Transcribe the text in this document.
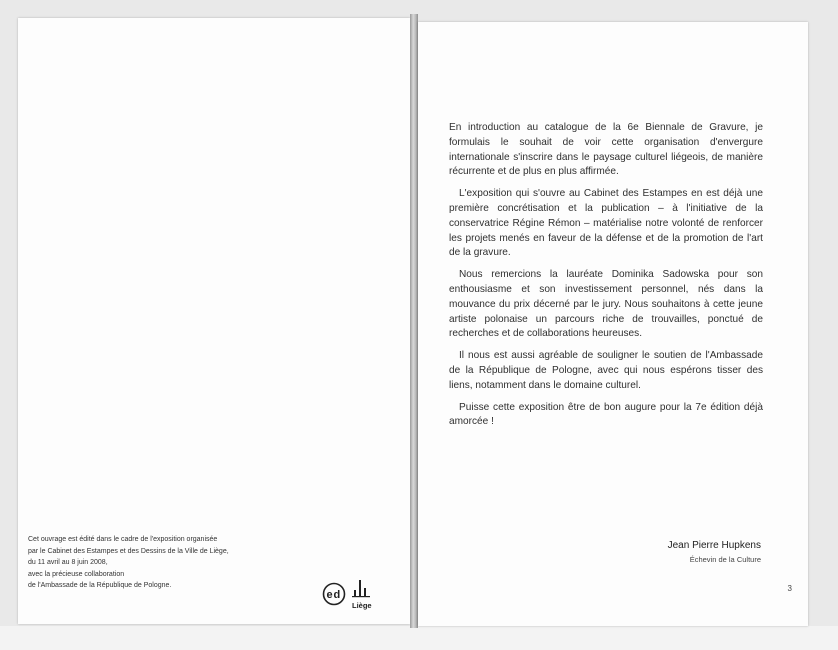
Cet ouvrage est édité dans le cadre de l'exposition organisée
par le Cabinet des Estampes et des Dessins de la Ville de Liège,
du 11 avril au 8 juin 2008,
avec la précieuse collaboration
de l'Ambassade de la République de Pologne.
e d
Liège

En introduction au catalogue de la 6e Biennale de Gravure, je formulais le souhait de voir cette organisation d'envergure internationale s'inscrire dans le paysage culturel liégeois, de manière récurrente et de plus en plus affirmée.

L'exposition qui s'ouvre au Cabinet des Estampes en est déjà une première concrétisation et la publication – à l'initiative de la conservatrice Régine Rémon – matérialise notre volonté de renforcer les projets menés en faveur de la défense et de la promotion de l'art de la gravure.

Nous remercions la lauréate Dominika Sadowska pour son enthousiasme et son investissement personnel, nés dans la mouvance du prix décerné par le jury. Nous souhaitons à cette jeune artiste polonaise un parcours riche de trouvailles, ponctué de recherches et de collaborations heureuses.

Il nous est aussi agréable de souligner le soutien de l'Ambassade de la République de Pologne, avec qui nous espérons tisser des liens, notamment dans le domaine culturel.

Puisse cette exposition être de bon augure pour la 7e édition déjà amorcée !

Jean Pierre Hupkens
Échevin de la Culture
3
